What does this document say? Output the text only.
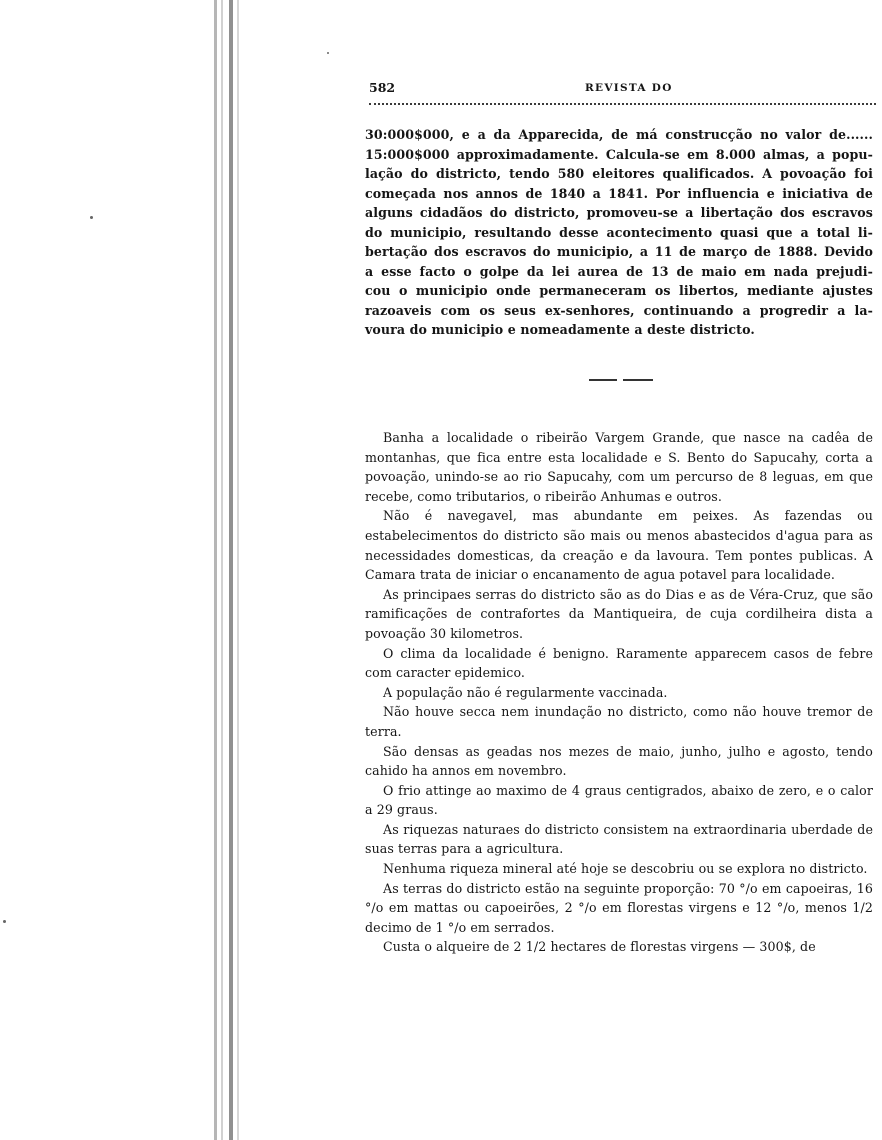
582	REVISTA DO
30:000$000, e a da Apparecida, de má construcção no valor de......
15:000$000 approximadamente. Calcula-se em 8.000 almas, a popu-
lação do districto, tendo 580 eleitores qualificados. A povoação foi
começada nos annos de 1840 a 1841. Por influencia e iniciativa de
alguns cidadãos do districto, promoveu-se a libertação dos escravos
do municipio, resultando desse acontecimento quasi que a total li-
bertação dos escravos do municipio, a 11 de março de 1888. Devido
a esse facto o golpe da lei aurea de 13 de maio em nada prejudi-
cou o municipio onde permaneceram os libertos, mediante ajustes
razoaveis com os seus ex-senhores, continuando a progredir a la-
voura do municipio e nomeadamente a deste districto.

Banha a localidade o ribeirão Vargem Grande, que nasce na cadêa de montanhas, que fica entre esta localidade e S. Bento do Sapucahy, corta a povoação, unindo-se ao rio Sapucahy, com um percurso de 8 leguas, em que recebe, como tributarios, o ribeirão Anhumas e outros.

Não é navegavel, mas abundante em peixes. As fazendas ou estabelecimentos do districto são mais ou menos abastecidos d'agua para as necessidades domesticas, da creação e da lavoura. Tem pontes publicas. A Camara trata de iniciar o encanamento de agua potavel para localidade.

As principaes serras do districto são as do Dias e as de Véra-Cruz, que são ramificações de contrafortes da Mantiqueira, de cuja cordilheira dista a povoação 30 kilometros.

O clima da localidade é benigno. Raramente apparecem casos de febre com caracter epidemico.

A população não é regularmente vaccinada.

Não houve secca nem inundação no districto, como não houve tremor de terra.

São densas as geadas nos mezes de maio, junho, julho e agosto, tendo cahido ha annos em novembro.

O frio attinge ao maximo de 4 graus centigrados, abaixo de zero, e o calor a 29 graus.

As riquezas naturaes do districto consistem na extraordinaria uberdade de suas terras para a agricultura.

Nenhuma riqueza mineral até hoje se descobriu ou se explora no districto.

As terras do districto estão na seguinte proporção: 70 °/o em capoeiras, 16 °/o em mattas ou capoeirões, 2 °/o em florestas virgens e 12 °/o, menos 1/2 decimo de 1 °/o em serrados.

Custa o alqueire de 2 1/2 hectares de florestas virgens — 300$, de
